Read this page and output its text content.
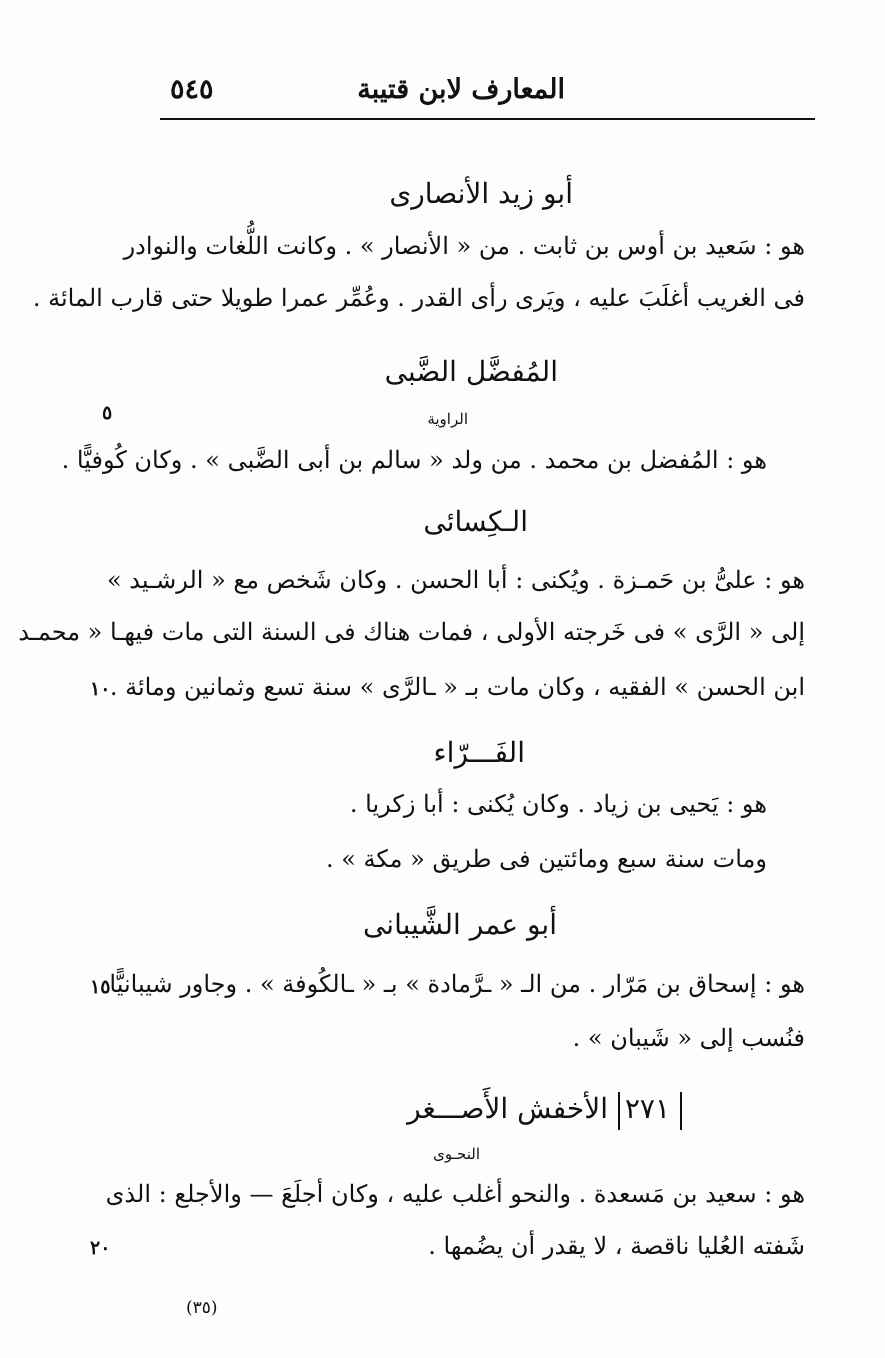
المعارف لابن قتيبة
٥٤٥
أبو زيد الأنصارى
هو : سَعيد بن أوس بن ثابت . من « الأنصار » . وكانت اللُّغات والنوادر
فى الغريب أغلَبَ عليه ، ويَرى رأى القدر . وعُمِّر عمرا طويلا حتى قارب المائة .
المُفضَّل الضَّبى
الراوية
هو : المُفضل بن محمد . من ولد « سالم بن أبى الضَّبى » . وكان كُوفيًّا .
الـكِسائى
هو : علىُّ بن حَمـزة . ويُكنى : أبا الحسن . وكان شَخص مع « الرشـيد »
إلى « الرَّى » فى خَرجته الأولى ، فمات هناك فى السنة التى مات فيهـا « محمـد
ابن الحسن » الفقيه ، وكان مات بـ « ـالرَّى » سنة تسع وثمانين ومائة .
الفَـــرّاء
هو : يَحيى بن زياد . وكان يُكنى : أبا زكريا .
ومات سنة سبع ومائتين فى طريق « مكة » .
أبو عمر الشَّيبانى
هو : إسحاق بن مَرّار . من الـ « ـرَّمادة » بـ « ـالكُوفة » . وجاور شيبانيًّا
فنُسب إلى « شَيبان » .
٢٧١
الأخفش الأَصـــغر
النحـوى
هو : سعيد بن مَسعدة . والنحو أغلب عليه ، وكان أجلَعَ — والأجلع : الذى
شَفته العُليا ناقصة ، لا يقدر أن يضُمها .
٥
١٠
١٥
٢٠
(٣٥)
